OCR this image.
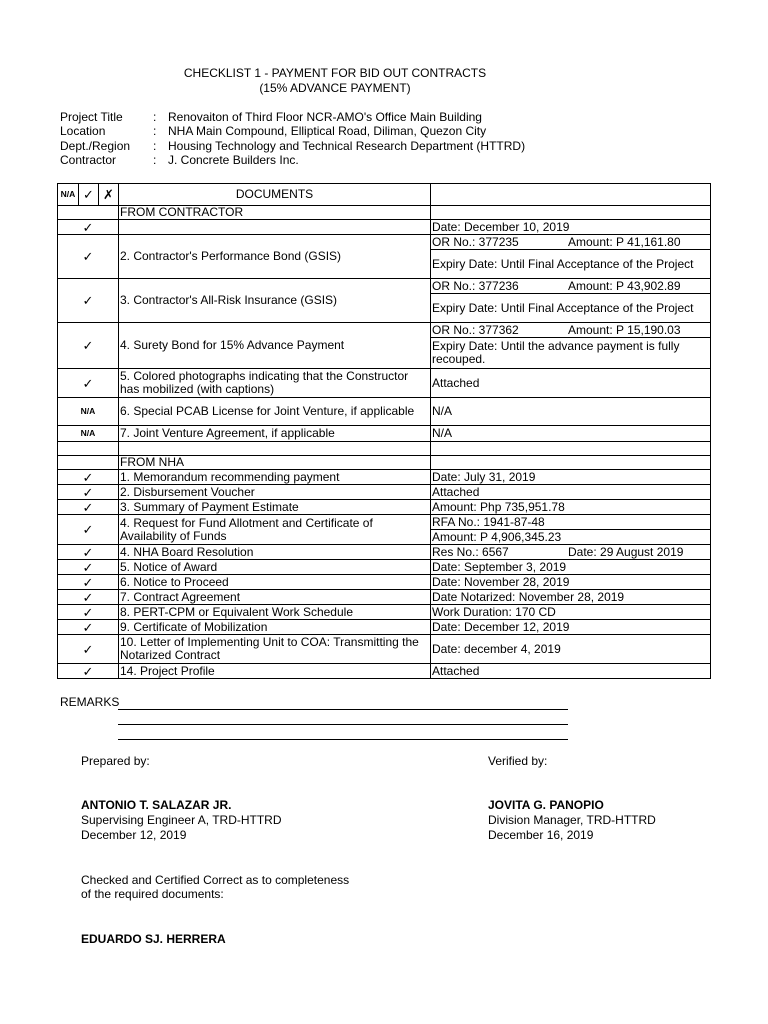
CHECKLIST 1 - PAYMENT FOR BID OUT CONTRACTS
(15% ADVANCE PAYMENT)
Project Title	: Renovaiton of Third Floor NCR-AMO's Office Main Building
Location	: NHA Main Compound, Elliptical Road, Diliman, Quezon City
Dept./Region	: Housing Technology and Technical Research Department (HTTRD)
Contractor	: J. Concrete Builders Inc.
N/A	✓	✗	DOCUMENTS	
			FROM CONTRACTOR	
✓				Date: December 10, 2019
✓			2. Contractor's Performance Bond (GSIS)	OR No.: 377235 Amount: P 41,161.80

				Expiry Date: Until Final Acceptance of the Project
✓			3. Contractor's All-Risk Insurance (GSIS)	OR No.: 377236 Amount: P 43,902.89

				Expiry Date: Until Final Acceptance of the Project
✓			4. Surety Bond for 15% Advance Payment	OR No.: 377362 Amount: P 15,190.03

				Expiry Date: Until the advance payment is fully recouped.
✓			5. Colored photographs indicating that the Constructor has mobilized (with captions)	Attached
N/A			6. Special PCAB License for Joint Venture, if applicable	N/A
N/A			7. Joint Venture Agreement, if applicable	N/A

			FROM NHA	
✓			1. Memorandum recommending payment	Date: July 31, 2019
✓			2. Disbursement Voucher	Attached
✓			3. Summary of Payment Estimate	Amount: Php 735,951.78
✓			4. Request for Fund Allotment and Certificate of Availability of Funds	RFA No.: 1941-87-48
				Amount: P 4,906,345.23
✓			4. NHA Board Resolution	Res No.: 6567 Date: 29 August 2019

✓			5. Notice of Award	Date: September 3, 2019
✓			6. Notice to Proceed	Date: November 28, 2019
✓			7. Contract Agreement	Date Notarized: November 28, 2019
✓			8. PERT-CPM or Equivalent Work Schedule	Work Duration: 170 CD
✓			9. Certificate of Mobilization	Date: December 12, 2019
✓			10. Letter of Implementing Unit to COA: Transmitting the Notarized Contract	Date: december 4, 2019
✓			14. Project Profile	Attached
REMARKS
Prepared by:	Verified by:
ANTONIO T. SALAZAR JR.
Supervising Engineer A, TRD-HTTRD
December 12, 2019
JOVITA G. PANOPIO
Division Manager, TRD-HTTRD
December 16, 2019
Checked and Certified Correct as to completeness
of the required documents:
EDUARDO SJ. HERRERA
